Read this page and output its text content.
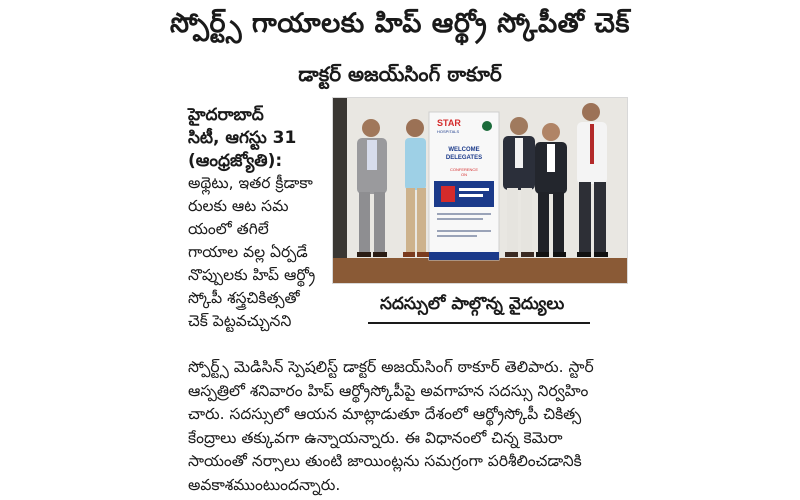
స్పోర్ట్స్ గాయాలకు హిప్ ఆర్థ్రో స్కోపీతో చెక్
డాక్టర్ అజయ్‌సింగ్ ఠాకూర్
హైదరాబాద్
సిటీ, ఆగస్టు 31
(ఆంధ్రజ్యోతి):
అథ్లెటు, ఇతర క్రీడాకా
రులకు ఆట సమ
యంలో తగిలే
గాయాల వల్ల ఏర్పడే
నొప్పులకు హిప్ ఆర్థ్రో
స్కోపీ శస్త్రచికిత్సతో
చెక్ పెట్టవచ్చునని
STAR
HOSPITALS
WELCOME
DELEGATES
CONFERENCE
ON
సదస్సులో పాల్గొన్న వైద్యులు
స్పోర్ట్స్ మెడిసిన్ స్పెషలిస్ట్ డాక్టర్ అజయ్‌సింగ్ ఠాకూర్ తెలిపారు. స్టార్
ఆస్పత్రిలో శనివారం హిప్ ఆర్థ్రోస్కోపీపై అవగాహన సదస్సు నిర్వహిం
చారు. సదస్సులో ఆయన మాట్లాడుతూ దేశంలో ఆర్థ్రోస్కోపీ చికిత్స
కేంద్రాలు తక్కువగా ఉన్నాయన్నారు. ఈ విధానంలో చిన్న కెమెరా
సాయంతో నర్సాలు తుంటి జాయింట్లను సమగ్రంగా పరిశీలించడానికి
అవకాశముంటుందన్నారు.
